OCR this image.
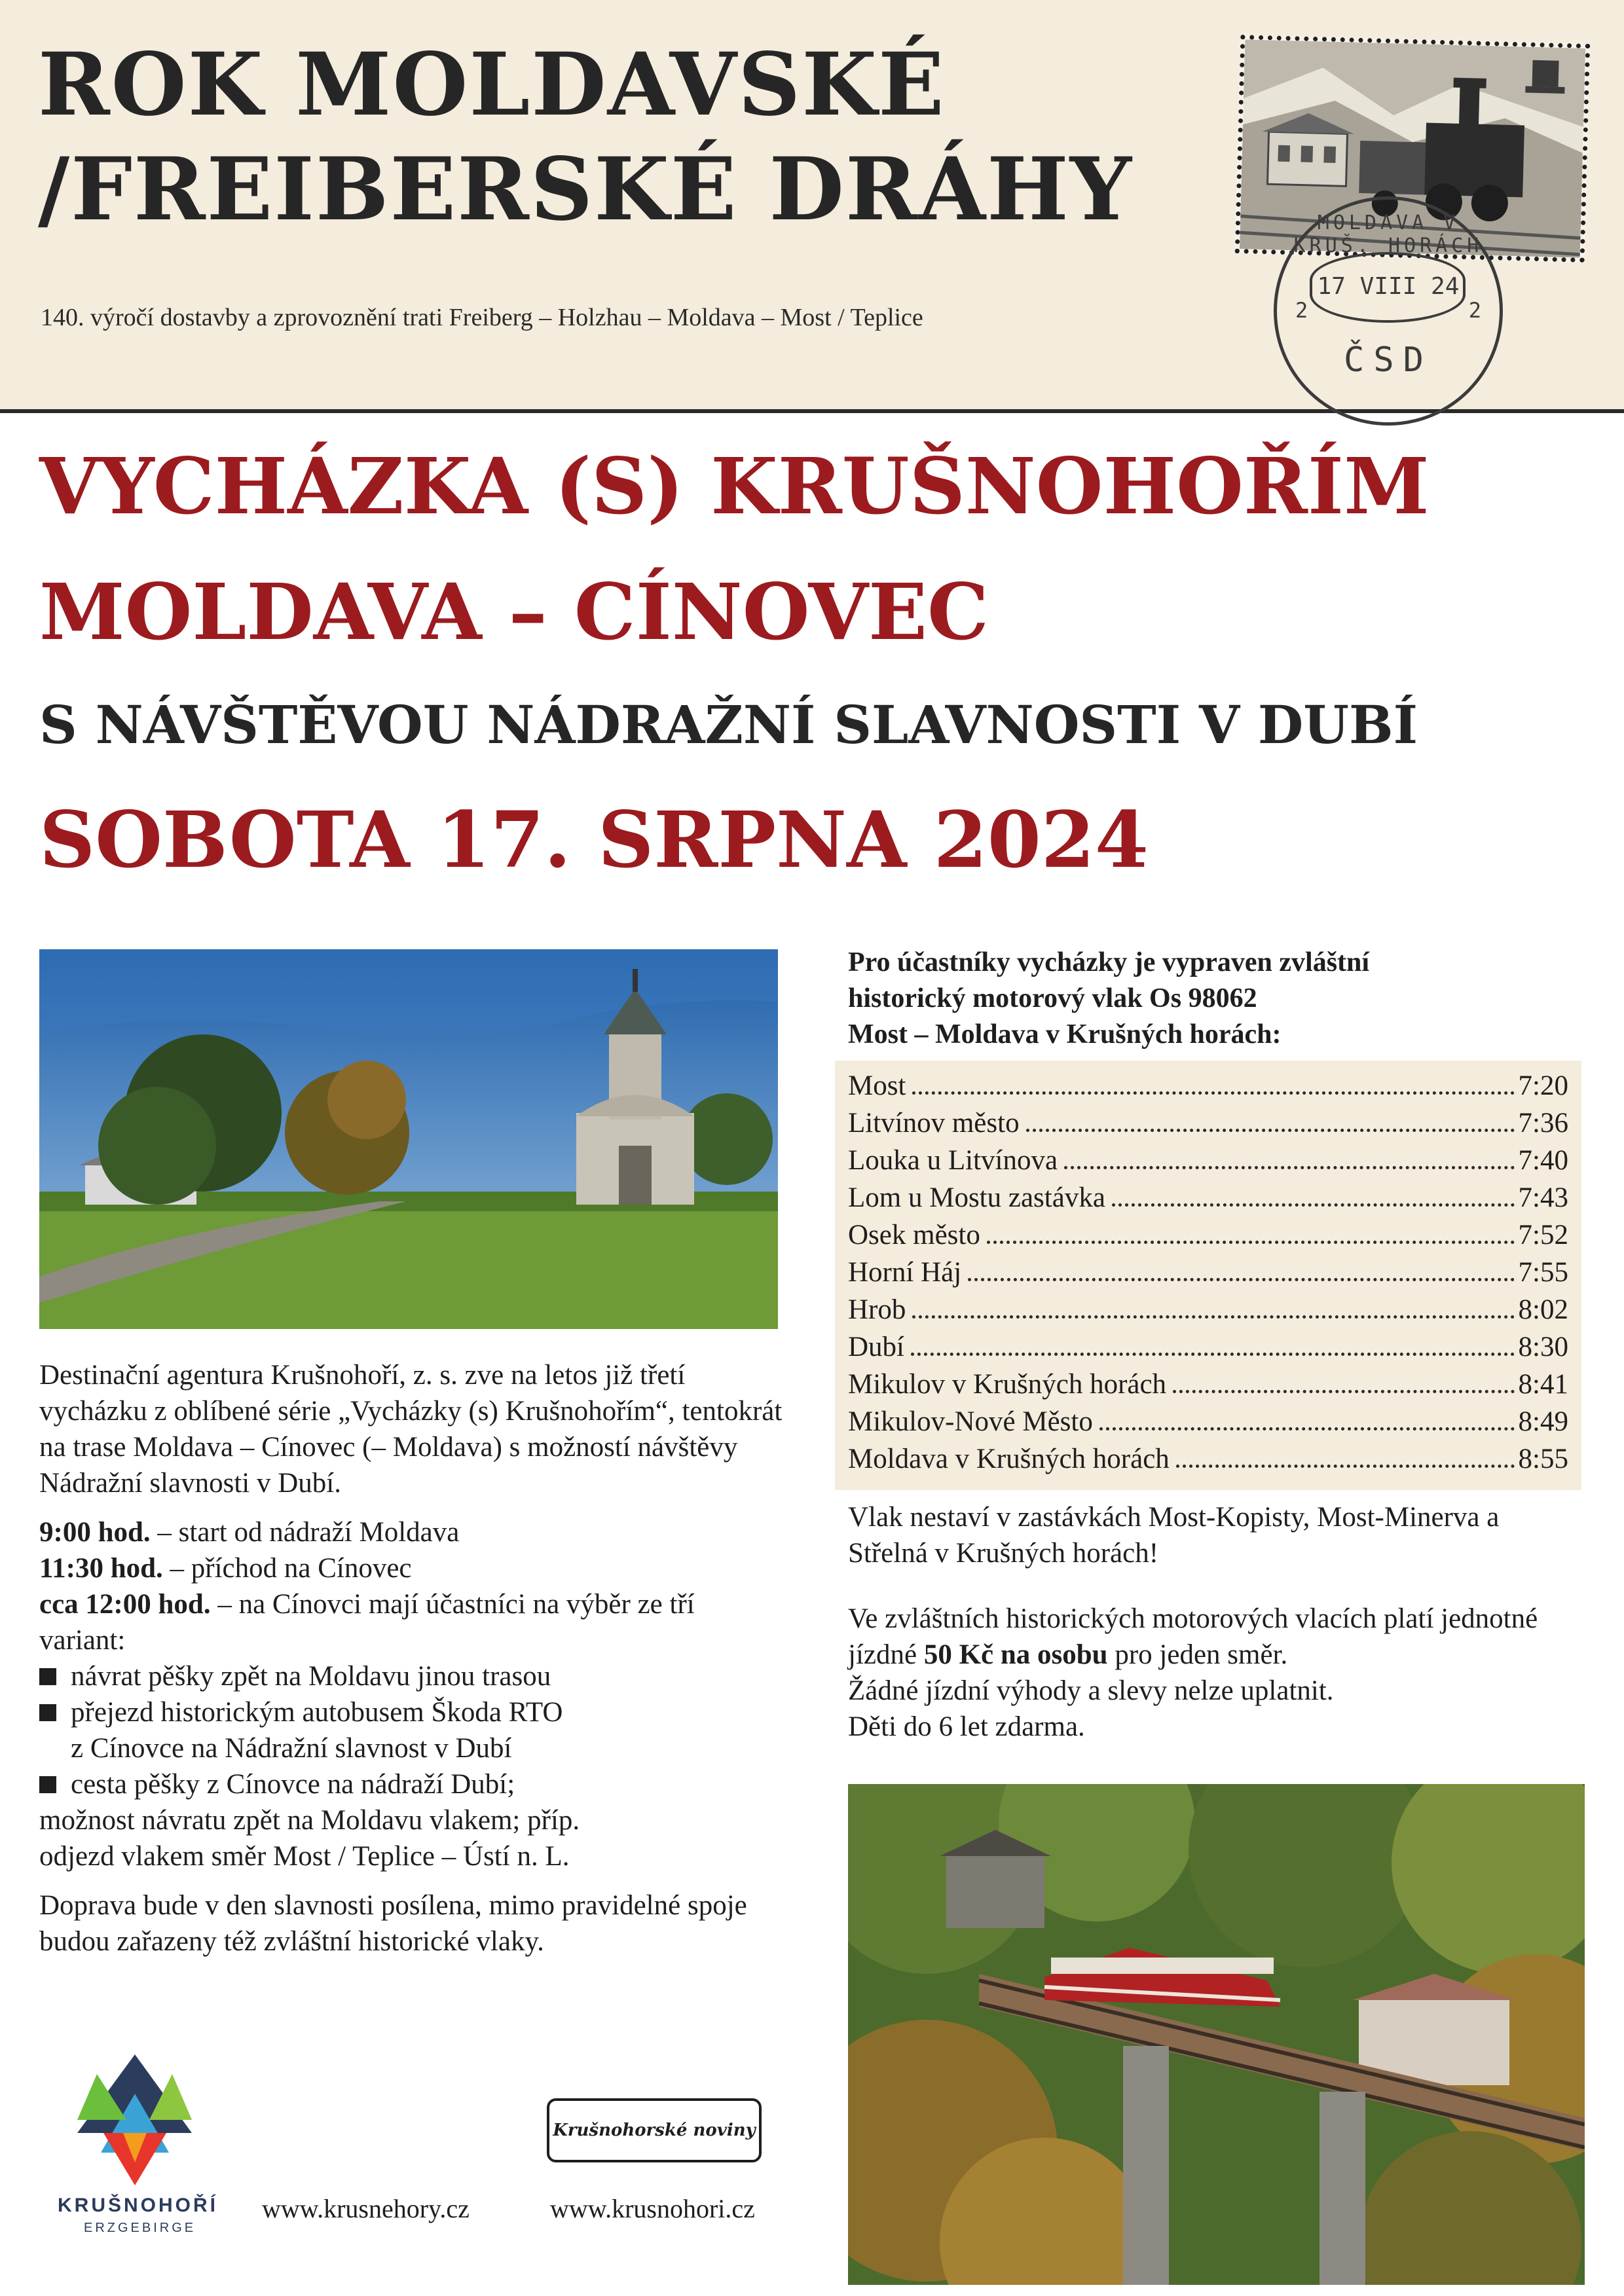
ROK MOLDAVSKÉ
/FREIBERSKÉ DRÁHY
140. výročí dostavby a zprovoznění trati Freiberg – Holzhau – Moldava – Most / Teplice
MOLDAVA V KRUŠ. HORÁCH
17 VIII 24
2	2
ČSD
VYCHÁZKA (S) KRUŠNOHOŘÍM
MOLDAVA – CÍNOVEC
S NÁVŠTĚVOU NÁDRAŽNÍ SLAVNOSTI V DUBÍ
SOBOTA 17. SRPNA 2024

Destinační agentura Krušnohoří, z. s. zve na letos již třetí vycházku z oblíbené série „Vycházky (s) Krušnohořím“, tentokrát na trase Moldava – Cínovec (– Moldava) s možností návštěvy Nádražní slavnosti v Dubí.

9:00 hod. – start od nádraží Moldava
11:30 hod. – příchod na Cínovec
cca 12:00 hod. – na Cínovci mají účastníci na výběr ze tří variant:
návrat pěšky zpět na Moldavu jinou trasou
přejezd historickým autobusem Škoda RTO
z Cínovce na Nádražní slavnost v Dubí
cesta pěšky z Cínovce na nádraží Dubí;
možnost návratu zpět na Moldavu vlakem; příp.
odjezd vlakem směr Most / Teplice – Ústí n. L.

Doprava bude v den slavnosti posílena, mimo pravidelné spoje budou zařazeny též zvláštní historické vlaky.

Pro účastníky vycházky je vypraven zvláštní
historický motorový vlak Os 98062
Most – Moldava v Krušných horách:
Most	7:20
Litvínov město	7:36
Louka u Litvínova	7:40
Lom u Mostu zastávka	7:43
Osek město	7:52
Horní Háj	7:55
Hrob	8:02
Dubí	8:30
Mikulov v Krušných horách	8:41
Mikulov-Nové Město	8:49
Moldava v Krušných horách	8:55
Vlak nestaví v zastávkách Most-Kopisty, Most-Minerva a Střelná v Krušných horách!
Ve zvláštních historických motorových vlacích platí jednotné jízdné 50 Kč na osobu pro jeden směr.
Žádné jízdní výhody a slevy nelze uplatnit.
Děti do 6 let zdarma.
KRUŠNOHOŘÍ
ERZGEBIRGE
www.krusnehory.cz	www.krusnohori.cz
Krušnohorské noviny
